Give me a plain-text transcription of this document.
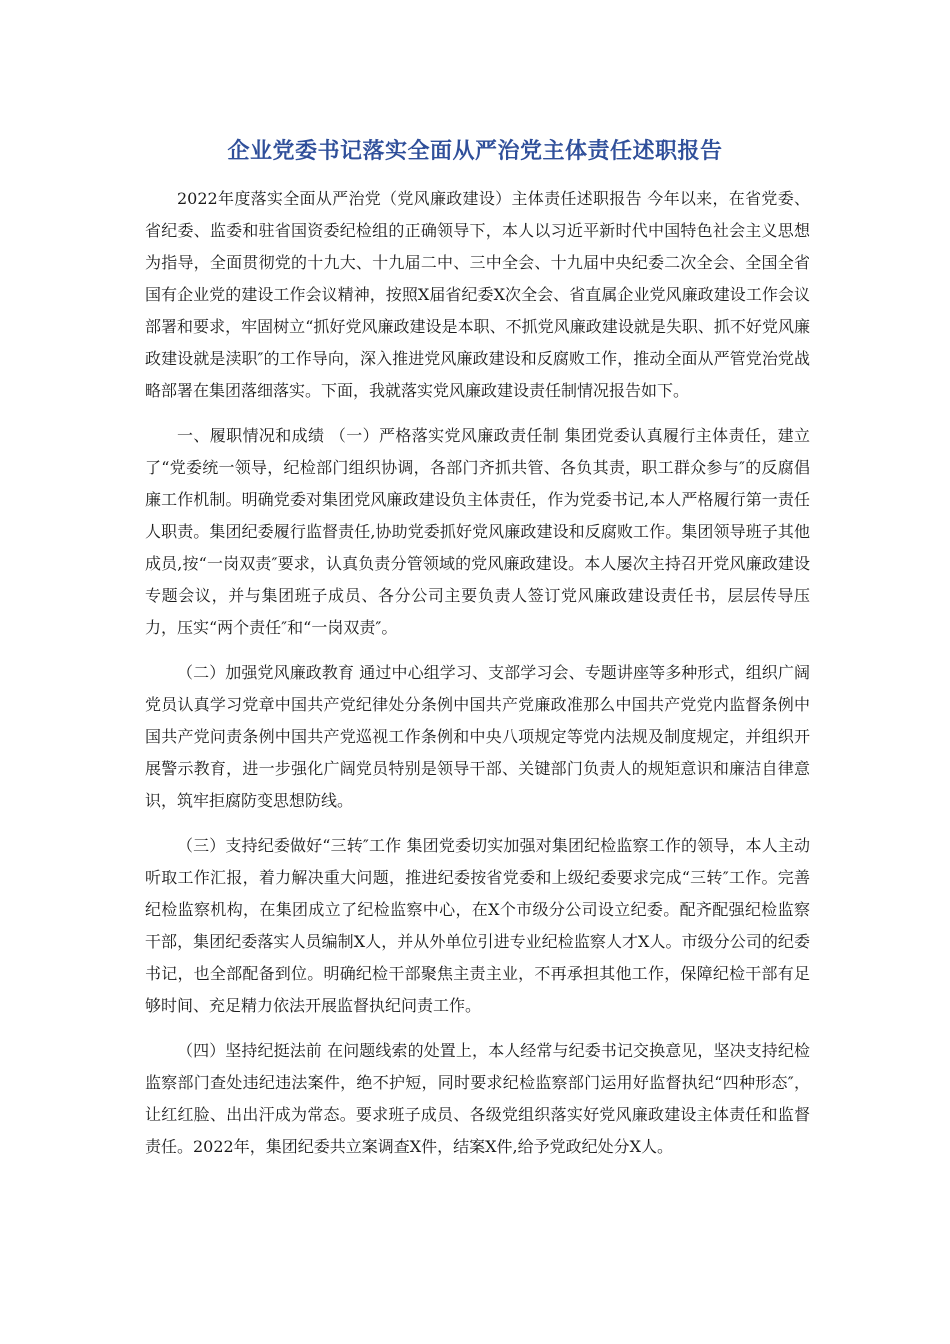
企业党委书记落实全面从严治党主体责任述职报告

2022年度落实全面从严治党（党风廉政建设）主体责任述职报告 今年以来，在省党委、省纪委、监委和驻省国资委纪检组的正确领导下，本人以习近平新时代中国特色社会主义思想为指导，全面贯彻党的十九大、十九届二中、三中全会、十九届中央纪委二次全会、全国全省国有企业党的建设工作会议精神，按照X届省纪委X次全会、省直属企业党风廉政建设工作会议部署和要求，牢固树立“抓好党风廉政建设是本职、不抓党风廉政建设就是失职、抓不好党风廉政建设就是渎职″的工作导向，深入推进党风廉政建设和反腐败工作，推动全面从严管党治党战略部署在集团落细落实。下面，我就落实党风廉政建设责任制情况报告如下。

一、履职情况和成绩 （一）严格落实党风廉政责任制 集团党委认真履行主体责任，建立了“党委统一领导，纪检部门组织协调，各部门齐抓共管、各负其责，职工群众参与″的反腐倡廉工作机制。明确党委对集团党风廉政建设负主体责任，作为党委书记,本人严格履行第一责任人职责。集团纪委履行监督责任,协助党委抓好党风廉政建设和反腐败工作。集团领导班子其他成员,按“一岗双责″要求，认真负责分管领域的党风廉政建设。本人屡次主持召开党风廉政建设专题会议，并与集团班子成员、各分公司主要负责人签订党风廉政建设责任书，层层传导压力，压实“两个责任″和“一岗双责″。

（二）加强党风廉政教育 通过中心组学习、支部学习会、专题讲座等多种形式，组织广阔党员认真学习党章中国共产党纪律处分条例中国共产党廉政准那么中国共产党党内监督条例中国共产党问责条例中国共产党巡视工作条例和中央八项规定等党内法规及制度规定，并组织开展警示教育，进一步强化广阔党员特别是领导干部、关键部门负责人的规矩意识和廉洁自律意识，筑牢拒腐防变思想防线。

（三）支持纪委做好“三转″工作 集团党委切实加强对集团纪检监察工作的领导，本人主动听取工作汇报，着力解决重大问题，推进纪委按省党委和上级纪委要求完成“三转″工作。完善纪检监察机构，在集团成立了纪检监察中心，在X个市级分公司设立纪委。配齐配强纪检监察干部，集团纪委落实人员编制X人，并从外单位引进专业纪检监察人才X人。市级分公司的纪委书记，也全部配备到位。明确纪检干部聚焦主责主业，不再承担其他工作，保障纪检干部有足够时间、充足精力依法开展监督执纪问责工作。

（四）坚持纪挺法前 在问题线索的处置上，本人经常与纪委书记交换意见，坚决支持纪检监察部门查处违纪违法案件，绝不护短，同时要求纪检监察部门运用好监督执纪“四种形态″，让红红脸、出出汗成为常态。要求班子成员、各级党组织落实好党风廉政建设主体责任和监督责任。2022年，集团纪委共立案调查X件，结案X件,给予党政纪处分X人。
